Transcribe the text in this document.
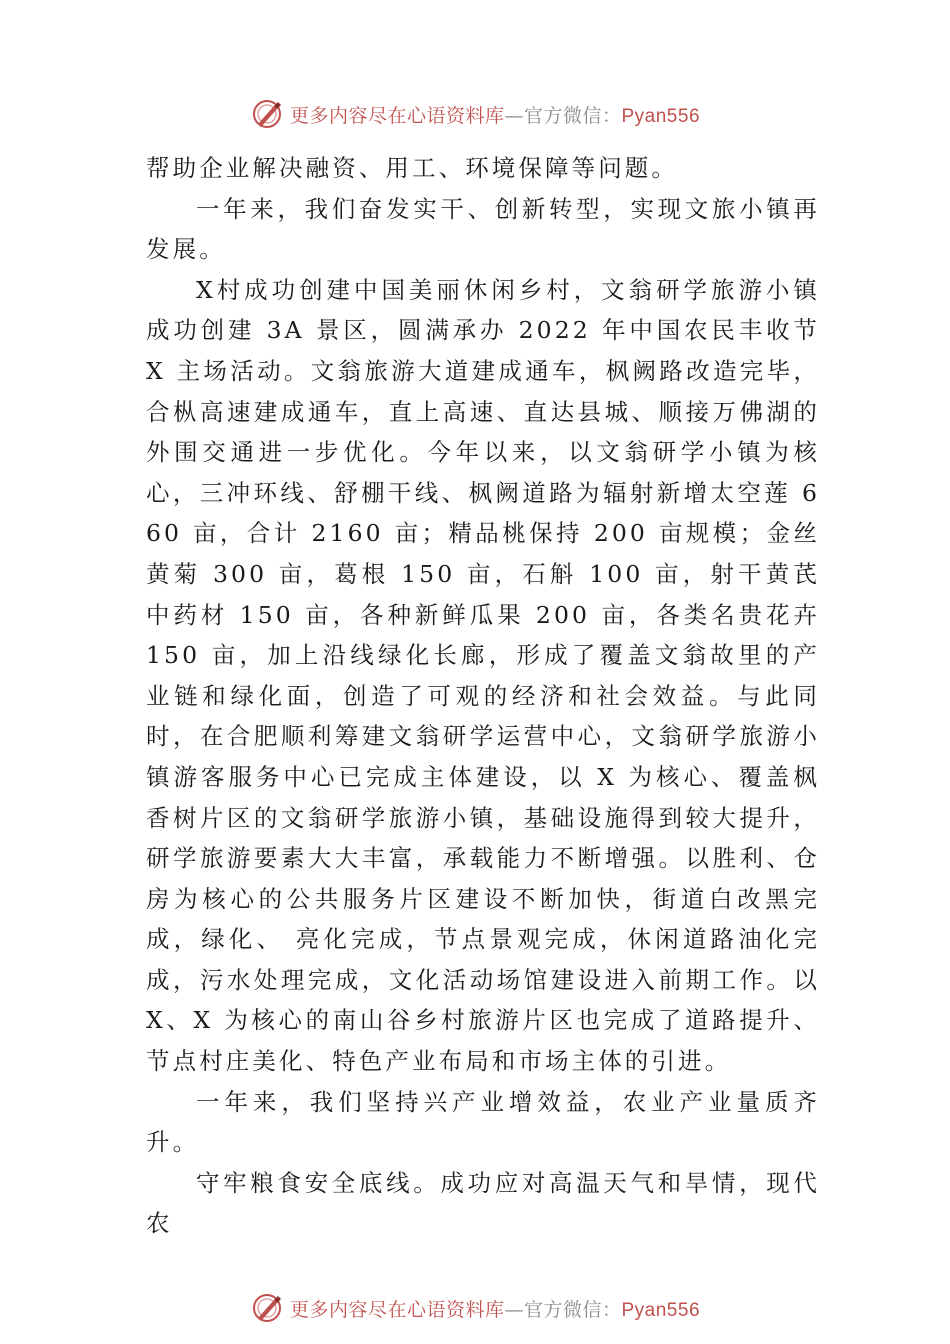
更多内容尽在心语资料库—官方微信：Pyan556

帮助企业解决融资、用工、环境保障等问题。

一年来，我们奋发实干、创新转型，实现文旅小镇再发展。

X村成功创建中国美丽休闲乡村，文翁研学旅游小镇成功创建 3A 景区，圆满承办 2022 年中国农民丰收节 X 主场活动。文翁旅游大道建成通车，枫阙路改造完毕，合枞高速建成通车，直上高速、直达县城、顺接万佛湖的外围交通进一步优化。今年以来，以文翁研学小镇为核心，三冲环线、舒棚干线、枫阙道路为辐射新增太空莲 660 亩，合计 2160 亩；精品桃保持 200 亩规模；金丝黄菊 300 亩，葛根 150 亩，石斛 100 亩，射干黄芪中药材 150 亩，各种新鲜瓜果 200 亩，各类名贵花卉 150 亩，加上沿线绿化长廊，形成了覆盖文翁故里的产业链和绿化面，创造了可观的经济和社会效益。与此同时，在合肥顺利筹建文翁研学运营中心，文翁研学旅游小镇游客服务中心已完成主体建设，以 X 为核心、覆盖枫香树片区的文翁研学旅游小镇，基础设施得到较大提升，研学旅游要素大大丰富，承载能力不断增强。以胜利、仓房为核心的公共服务片区建设不断加快，街道白改黑完成，绿化、 亮化完成，节点景观完成，休闲道路油化完成，污水处理完成，文化活动场馆建设进入前期工作。以 X、X 为核心的南山谷乡村旅游片区也完成了道路提升、节点村庄美化、特色产业布局和市场主体的引进。

一年来，我们坚持兴产业增效益，农业产业量质齐升。

守牢粮食安全底线。成功应对高温天气和旱情，现代农

更多内容尽在心语资料库—官方微信：Pyan556
